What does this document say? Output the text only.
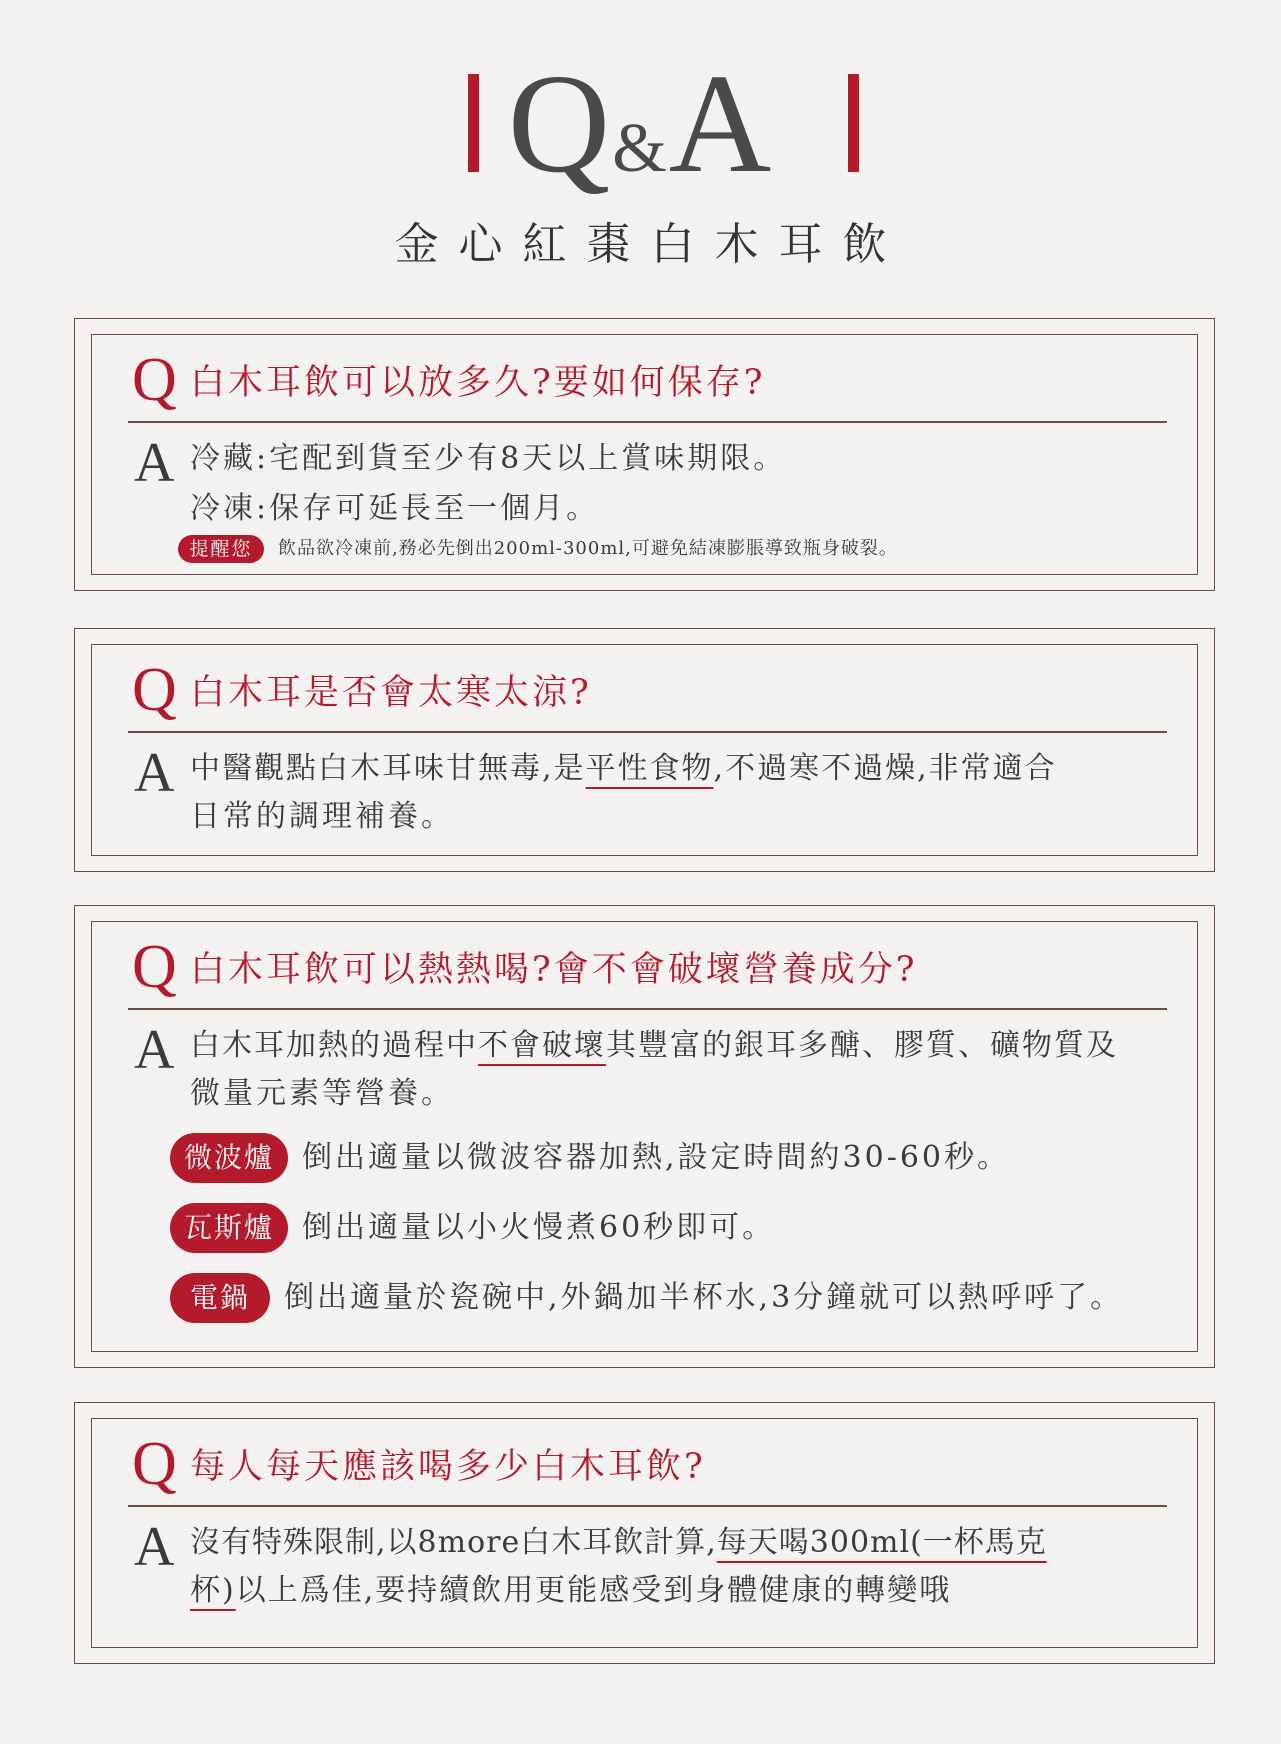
Q&A
金心紅棗白木耳飲
Q 白木耳飲可以放多久?要如何保存?
A 冷藏:宅配到貨至少有8天以上賞味期限。
冷凍:保存可延長至一個月。
提醒您	飲品欲冷凍前,務必先倒出200ml-300ml,可避免結凍膨脹導致瓶身破裂。
Q 白木耳是否會太寒太涼?
A 中醫觀點白木耳味甘無毒,是平性食物,不過寒不過燥,非常適合
日常的調理補養。
Q 白木耳飲可以熱熱喝?會不會破壞營養成分?
A 白木耳加熱的過程中不會破壞其豐富的銀耳多醣、膠質、礦物質及
微量元素等營養。
微波爐 倒出適量以微波容器加熱,設定時間約30-60秒。
瓦斯爐 倒出適量以小火慢煮60秒即可。
電鍋	倒出適量於瓷碗中,外鍋加半杯水,3分鐘就可以熱呼呼了。
Q 每人每天應該喝多少白木耳飲?
A 沒有特殊限制,以8more白木耳飲計算,每天喝300ml(一杯馬克
杯)以上爲佳,要持續飲用更能感受到身體健康的轉變哦
